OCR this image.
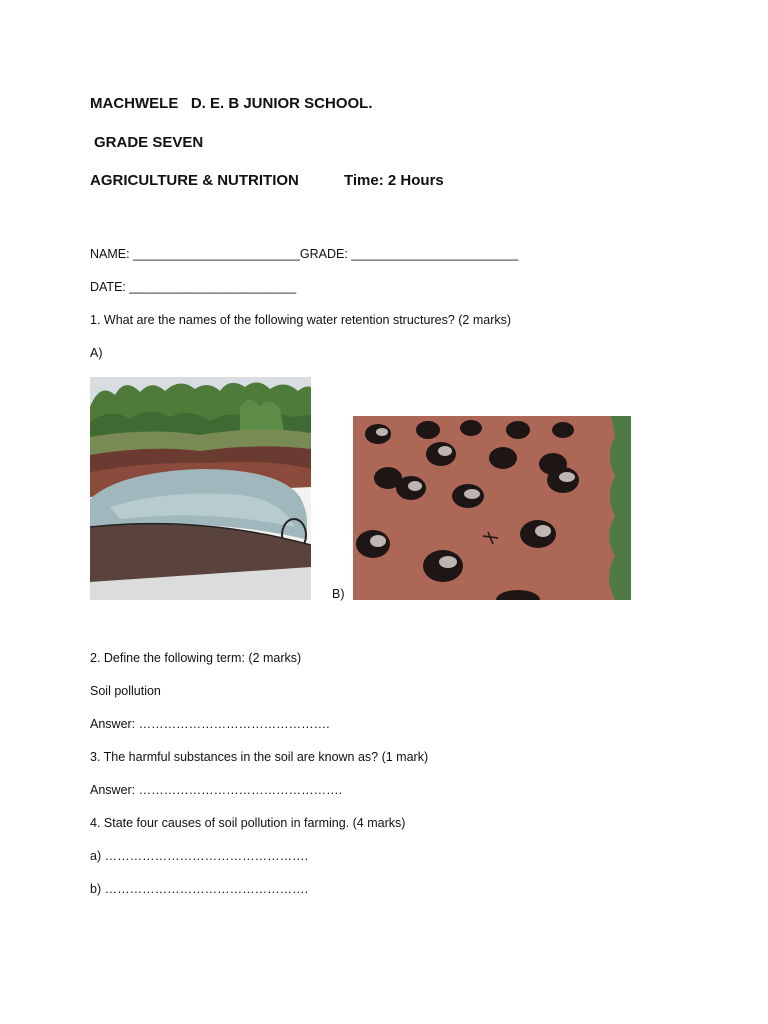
MACHWELE   D. E. B JUNIOR SCHOOL.

GRADE SEVEN

AGRICULTURE & NUTRITION	Time: 2 Hours

NAME: ________________________GRADE: ________________________

DATE: ________________________

1. What are the names of the following water retention structures? (2 marks)

A)

B)

2. Define the following term: (2 marks)

Soil pollution

Answer: ……………………………………….

3. The harmful substances in the soil are known as? (1 mark)

Answer: ………………………………………….

4. State four causes of soil pollution in farming. (4 marks)

a) ………………………………………….

b) ………………………………………….
